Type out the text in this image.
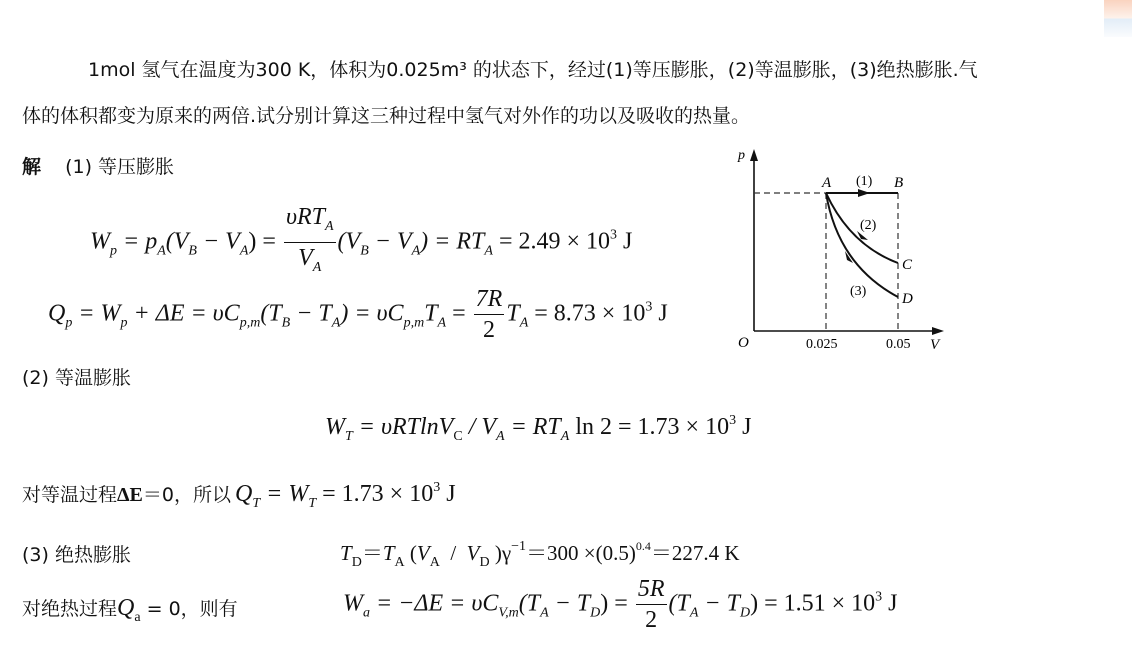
1mol 氢气在温度为300 K，体积为0.025m³ 的状态下，经过(1)等压膨胀，(2)等温膨胀，(3)绝热膨胀.气
体的体积都变为原来的两倍.试分别计算这三种过程中氢气对外作的功以及吸收的热量。
解 (1) 等压膨胀
$W_p = p_A(V_B - V_A) = \frac{\upsilon RT_A}{V_A} (V_B - V_A) = RT_A = 2.49 \times 10^3$ J
$Q_p = W_p + \Delta E = \upsilon C_{p,m}(T_B - T_A) = \upsilon C_{p,m}T_A = \frac{7R}{2} T_A = 8.73 \times 10^3$ J
p
A (1) B
(2)
C
(3) D
O	0.025	0.05 V
(2) 等温膨胀
$W_T = \upsilon RTlnV_C / V_A = RT_A$ $\ln 2 = 1.73 \times 10^3$ J
对等温过程ΔE＝0，所以 $Q_T = W_T = 1.73 \times 10^3$ J
(3) 绝热膨胀	$T_D=T_A$ ($V_A / V_D$ )$\gamma^{-1}=300 \times(0.5)^{0.4}=227.4$ K
对绝热过程$Q_a = 0$，则有	$W_a = -\Delta E = \upsilon C_{V,m}(T_A - T_D) = \frac{5R}{2} (T_A - T_D) = 1.51 \times 10^3$ J
